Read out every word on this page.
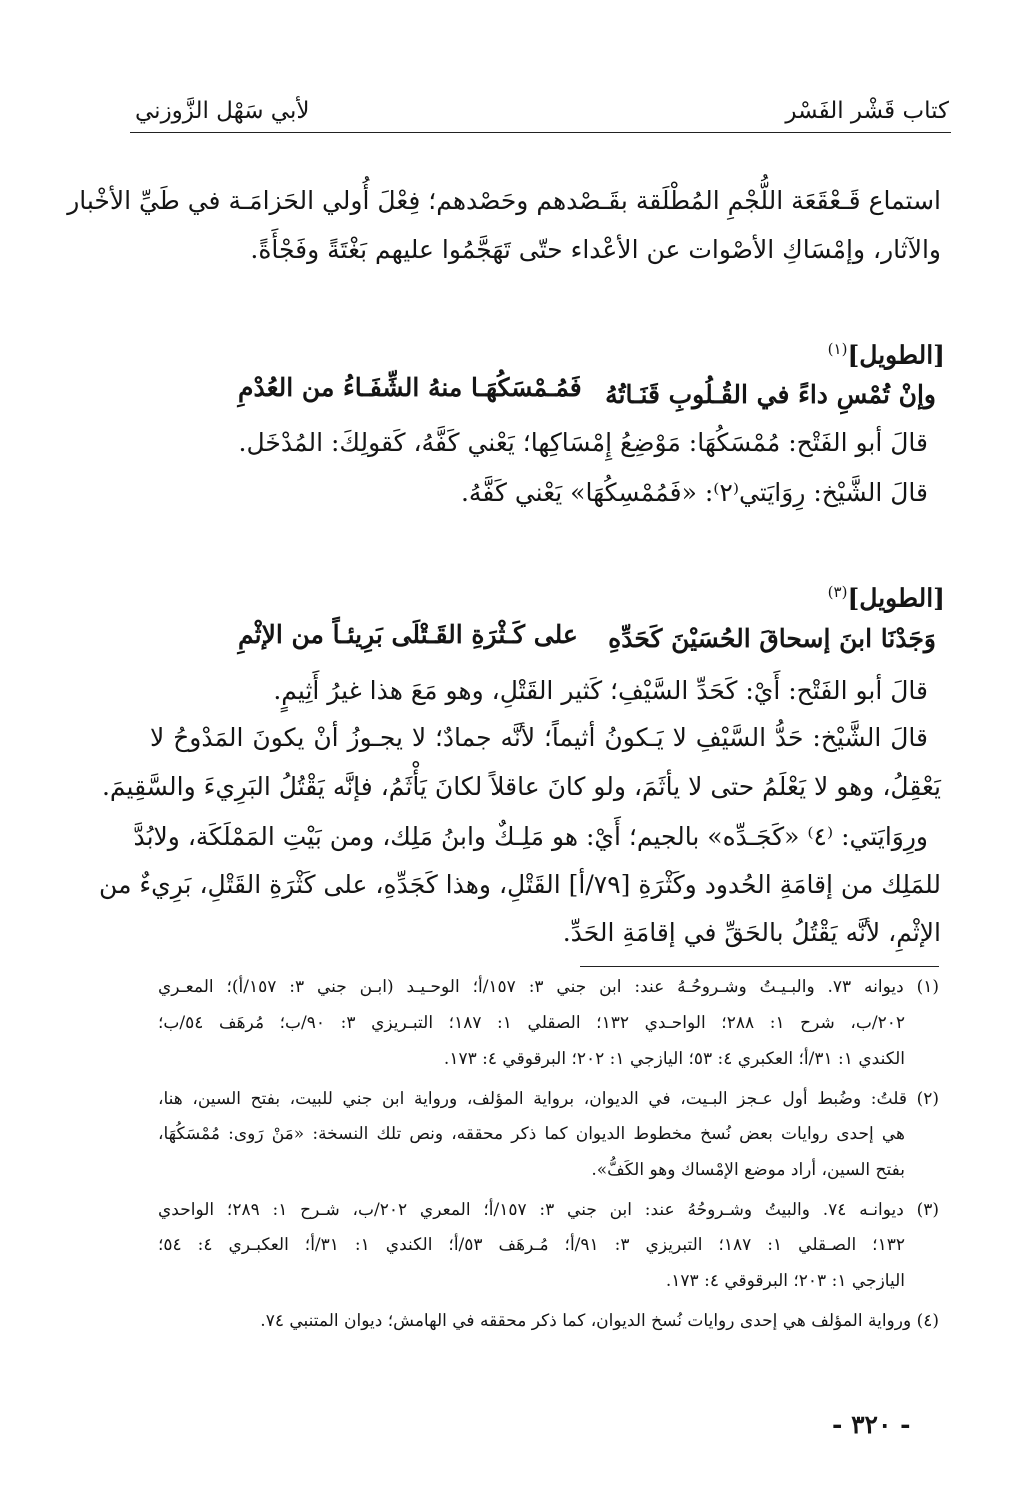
لأبي سَهْل الزَّوزني	كتاب قَشْر الفَسْر
استماع قَـعْقَعَة اللُّجْمِ المُطْلَقة بقَـصْدهم وحَصْدهم؛ فِعْلَ أُولي الحَزامَـة في طَيِّ الأخْبار
والآثار، وإمْسَاكِ الأصْوات عن الأعْداء حتّى تَهَجَّمُوا عليهم بَغْتَةً وفَجْأَةً.
[الطويل]$^{(١)}$
وإنْ تُمْسِ داءً في القُـلُوبِ قَنَـاتُهُ
فَمُـمْسَكُهَـا منهُ الشِّفَـاءُ من العُدْمِ
قالَ أبو الفَتْح: مُمْسَكُهَا: مَوْضِعُ إِمْسَاكِها؛ يَعْني كَفَّهُ، كَقولِكَ: المُدْخَل.
قالَ الشَّيْخ: رِوَايَتي⁽٢⁾: «فَمُمْسِكُهَا» يَعْني كَفَّهُ.
[الطويل]$^{(٣)}$
وَجَدْنَا ابنَ إسحاقَ الحُسَيْنَ كَحَدِّهِ
على كَـثْرَةِ القَـتْلَى بَرِيئـاً من الإثْمِ
قالَ أبو الفَتْح: أَيْ: كَحَدِّ السَّيْفِ؛ كَثير القَتْلِ، وهو مَعَ هذا غيرُ أَثِيمٍ.
قالَ الشَّيْخ: حَدُّ السَّيْفِ لا يَـكونُ أثيماً؛ لأنَّه جمادٌ؛ لا يجـوزُ أنْ يكونَ المَدْوحُ لا
يَعْقِلُ، وهو لا يَعْلَمُ حتى لا يأثَمَ، ولو كانَ عاقلاً لكانَ يَأْثَمُ، فإنَّه يَقْتُلُ البَرِيءَ والسَّقِيمَ.
ورِوَايَتي: ⁽٤⁾ «كَجَـدِّه» بالجيم؛ أَيْ: هو مَلِـكٌ وابنُ مَلِك، ومن بَيْتِ المَمْلَكَة، ولابُدَّ
للمَلِك من إقامَةِ الحُدود وكَثْرَةِ [٧٩/أ] القَتْلِ، وهذا كَجَدِّهِ، على كَثْرَةِ القَتْلِ، بَرِيءٌ من
الإثْمِ، لأنَّه يَقْتُلُ بالحَقِّ في إقامَةِ الحَدِّ.
(١) ديوانه ٧٣. والبـيـتُ وشـروحُـهُ عند: ابن جني ٣: ١٥٧/أ؛ الوحـيـد (ابـن جني ٣: ١٥٧/أ)؛ المعـري
٢٠٢/ب، شرح ١: ٢٨٨؛ الواحـدي ١٣٢؛ الصقلي ١: ١٨٧؛ التبـريزي ٣: ٩٠/ب؛ مُرهَف ٥٤/ب؛
الكندي ١: ٣١/أ؛ العكبري ٤: ٥٣؛ اليازجي ١: ٢٠٢؛ البرقوقي ٤: ١٧٣.
(٢) قلتُ: وضُبط أول عـجز البـيت، في الديوان، برواية المؤلف، ورواية ابن جني للبيت، بفتح السين، هنا،
هي إحدى روايات بعض نُسخ مخطوط الديوان كما ذكر محققه، ونص تلك النسخة: «مَنْ رَوى: مُمْسَكُهَا،
بفتح السين، أراد موضع الإمْساك وهو الكَفُّ».
(٣) ديوانـه ٧٤. والبيتُ وشـروحُهُ عند: ابن جني ٣: ١٥٧/أ؛ المعري ٢٠٢/ب، شـرح ١: ٢٨٩؛ الواحدي
١٣٢؛ الصـقلي ١: ١٨٧؛ التبريزي ٣: ٩١/أ؛ مُـرهَف ٥٣/أ؛ الكندي ١: ٣١/أ؛ العكبـري ٤: ٥٤؛
اليازجي ١: ٢٠٣؛ البرقوقي ٤: ١٧٣.
(٤) ورواية المؤلف هي إحدى روايات نُسخ الديوان، كما ذكر محققه في الهامش؛ ديوان المتنبي ٧٤.
- ٣٢٠ -
